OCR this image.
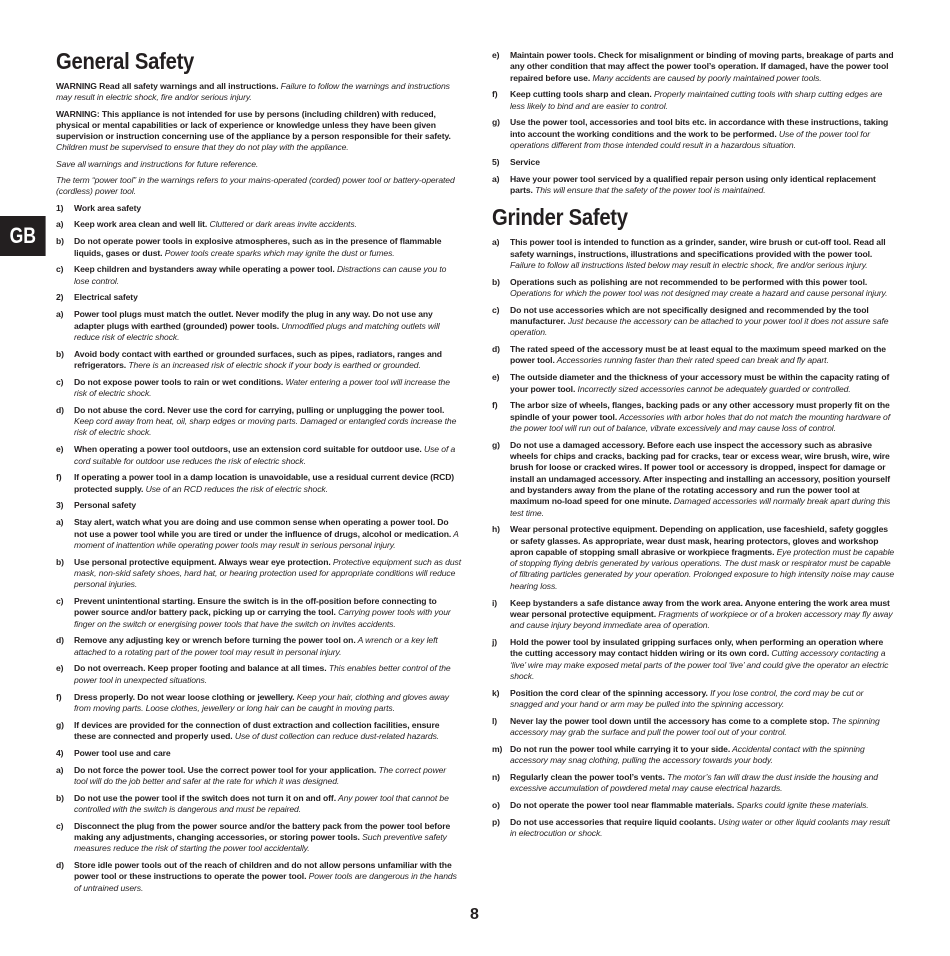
GB
General Safety

WARNING Read all safety warnings and all instructions. Failure to follow the warnings and instructions may result in electric shock, fire and/or serious injury.

WARNING: This appliance is not intended for use by persons (including children) with reduced, physical or mental capabilities or lack of experience or knowledge unless they have been given supervision or instruction concerning use of the appliance by a person responsible for their safety. Children must be supervised to ensure that they do not play with the appliance.

Save all warnings and instructions for future reference.

The term “power tool” in the warnings refers to your mains-operated (corded) power tool or battery-operated (cordless) power tool.

1)	Work area safety
a)	Keep work area clean and well lit. Cluttered or dark areas invite accidents.
b)	Do not operate power tools in explosive atmospheres, such as in the presence of flammable liquids, gases or dust. Power tools create sparks which may ignite the dust or fumes.
c)	Keep children and bystanders away while operating a power tool. Distractions can cause you to lose control.
2)	Electrical safety
a)	Power tool plugs must match the outlet. Never modify the plug in any way. Do not use any adapter plugs with earthed (grounded) power tools. Unmodified plugs and matching outlets will reduce risk of electric shock.
b)	Avoid body contact with earthed or grounded surfaces, such as pipes, radiators, ranges and refrigerators. There is an increased risk of electric shock if your body is earthed or grounded.
c)	Do not expose power tools to rain or wet conditions. Water entering a power tool will increase the risk of electric shock.
d)	Do not abuse the cord. Never use the cord for carrying, pulling or unplugging the power tool. Keep cord away from heat, oil, sharp edges or moving parts. Damaged or entangled cords increase the risk of electric shock.
e)	When operating a power tool outdoors, use an extension cord suitable for outdoor use. Use of a cord suitable for outdoor use reduces the risk of electric shock.
f)	If operating a power tool in a damp location is unavoidable, use a residual current device (RCD) protected supply. Use of an RCD reduces the risk of electric shock.
3)	Personal safety
a)	Stay alert, watch what you are doing and use common sense when operating a power tool. Do not use a power tool while you are tired or under the influence of drugs, alcohol or medication. A moment of inattention while operating power tools may result in serious personal injury.
b)	Use personal protective equipment. Always wear eye protection. Protective equipment such as dust mask, non-skid safety shoes, hard hat, or hearing protection used for appropriate conditions will reduce personal injuries.
c)	Prevent unintentional starting. Ensure the switch is in the off-position before connecting to power source and/or battery pack, picking up or carrying the tool. Carrying power tools with your finger on the switch or energising power tools that have the switch on invites accidents.
d)	Remove any adjusting key or wrench before turning the power tool on. A wrench or a key left attached to a rotating part of the power tool may result in personal injury.
e)	Do not overreach. Keep proper footing and balance at all times. This enables better control of the power tool in unexpected situations.
f)	Dress properly. Do not wear loose clothing or jewellery. Keep your hair, clothing and gloves away from moving parts. Loose clothes, jewellery or long hair can be caught in moving parts.
g)	If devices are provided for the connection of dust extraction and collection facilities, ensure these are connected and properly used. Use of dust collection can reduce dust-related hazards.
4)	Power tool use and care
a)	Do not force the power tool. Use the correct power tool for your application. The correct power tool will do the job better and safer at the rate for which it was designed.
b)	Do not use the power tool if the switch does not turn it on and off. Any power tool that cannot be controlled with the switch is dangerous and must be repaired.
c)	Disconnect the plug from the power source and/or the battery pack from the power tool before making any adjustments, changing accessories, or storing power tools. Such preventive safety measures reduce the risk of starting the power tool accidentally.
d)	Store idle power tools out of the reach of children and do not allow persons unfamiliar with the power tool or these instructions to operate the power tool. Power tools are dangerous in the hands of untrained users.
e)	Maintain power tools. Check for misalignment or binding of moving parts, breakage of parts and any other condition that may affect the power tool’s operation. If damaged, have the power tool repaired before use. Many accidents are caused by poorly maintained power tools.
f)	Keep cutting tools sharp and clean. Properly maintained cutting tools with sharp cutting edges are less likely to bind and are easier to control.
g)	Use the power tool, accessories and tool bits etc. in accordance with these instructions, taking into account the working conditions and the work to be performed. Use of the power tool for operations different from those intended could result in a hazardous situation.
5)	Service
a)	Have your power tool serviced by a qualified repair person using only identical replacement parts. This will ensure that the safety of the power tool is maintained.
Grinder Safety
a)	This power tool is intended to function as a grinder, sander, wire brush or cut-off tool. Read all safety warnings, instructions, illustrations and specifications provided with the power tool. Failure to follow all instructions listed below may result in electric shock, fire and/or serious injury.
b)	Operations such as polishing are not recommended to be performed with this power tool. Operations for which the power tool was not designed may create a hazard and cause personal injury.
c)	Do not use accessories which are not specifically designed and recommended by the tool manufacturer. Just because the accessory can be attached to your power tool it does not assure safe operation.
d)	The rated speed of the accessory must be at least equal to the maximum speed marked on the power tool. Accessories running faster than their rated speed can break and fly apart.
e)	The outside diameter and the thickness of your accessory must be within the capacity rating of your power tool. Incorrectly sized accessories cannot be adequately guarded or controlled.
f)	The arbor size of wheels, flanges, backing pads or any other accessory must properly fit on the spindle of your power tool. Accessories with arbor holes that do not match the mounting hardware of the power tool will run out of balance, vibrate excessively and may cause loss of control.
g)	Do not use a damaged accessory. Before each use inspect the accessory such as abrasive wheels for chips and cracks, backing pad for cracks, tear or excess wear, wire brush, wire, wire brush for loose or cracked wires. If power tool or accessory is dropped, inspect for damage or install an undamaged accessory. After inspecting and installing an accessory, position yourself and bystanders away from the plane of the rotating accessory and run the power tool at maximum no-load speed for one minute. Damaged accessories will normally break apart during this test time.
h)	Wear personal protective equipment. Depending on application, use faceshield, safety goggles or safety glasses. As appropriate, wear dust mask, hearing protectors, gloves and workshop apron capable of stopping small abrasive or workpiece fragments. Eye protection must be capable of stopping flying debris generated by various operations. The dust mask or respirator must be capable of filtrating particles generated by your operation. Prolonged exposure to high intensity noise may cause hearing loss.
i)	Keep bystanders a safe distance away from the work area. Anyone entering the work area must wear personal protective equipment. Fragments of workpiece or of a broken accessory may fly away and cause injury beyond immediate area of operation.
j)	Hold the power tool by insulated gripping surfaces only, when performing an operation where the cutting accessory may contact hidden wiring or its own cord. Cutting accessory contacting a ‘live’ wire may make exposed metal parts of the power tool ‘live’ and could give the operator an electric shock.
k)	Position the cord clear of the spinning accessory. If you lose control, the cord may be cut or snagged and your hand or arm may be pulled into the spinning accessory.
l)	Never lay the power tool down until the accessory has come to a complete stop. The spinning accessory may grab the surface and pull the power tool out of your control.
m) Do not run the power tool while carrying it to your side. Accidental contact with the spinning accessory may snag clothing, pulling the accessory towards your body.
n)	Regularly clean the power tool’s vents. The motor’s fan will draw the dust inside the housing and excessive accumulation of powdered metal may cause electrical hazards.
o)	Do not operate the power tool near flammable materials. Sparks could ignite these materials.
p)	Do not use accessories that require liquid coolants. Using water or other liquid coolants may result in electrocution or shock.
8
